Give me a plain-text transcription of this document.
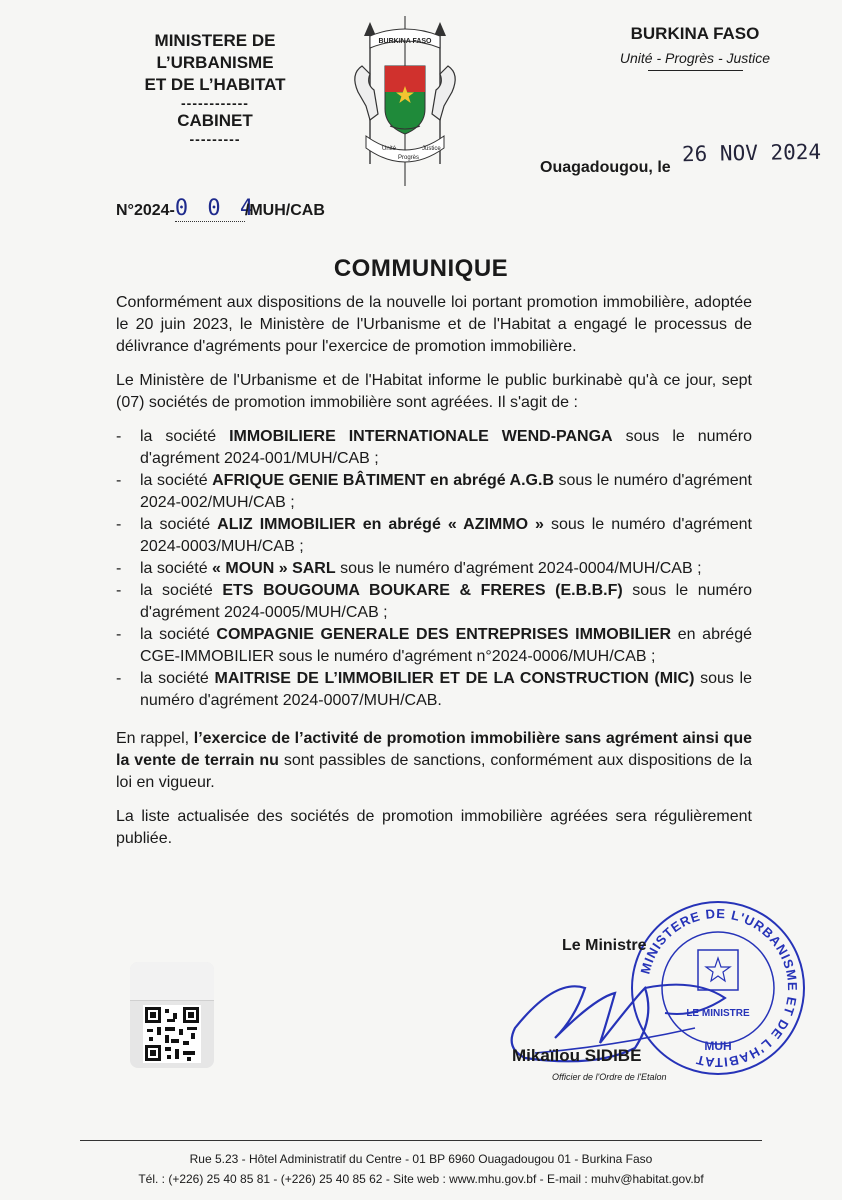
MINISTERE DE L’URBANISME
ET DE L’HABITAT
------------
CABINET
---------
BURKINA FASO
Unité
Progrès
Justice
BURKINA FASO
Unité - Progrès - Justice
26 NOV 2024
Ouagadougou, le
N°2024-0 0 4/MUH/CAB
COMMUNIQUE

Conformément aux dispositions de la nouvelle loi portant promotion immobilière, adoptée le 20 juin 2023, le Ministère de l'Urbanisme et de l'Habitat a engagé le processus de délivrance d'agréments pour l'exercice de promotion immobilière.

Le Ministère de l'Urbanisme et de l'Habitat informe le public burkinabè qu'à ce jour, sept (07) sociétés de promotion immobilière sont agréées. Il s'agit de :

- la société IMMOBILIERE INTERNATIONALE WEND-PANGA sous le numéro d'agrément 2024-001/MUH/CAB ;
- la société AFRIQUE GENIE BÂTIMENT en abrégé A.G.B sous le numéro d'agrément 2024-002/MUH/CAB ;
- la société ALIZ IMMOBILIER en abrégé « AZIMMO » sous le numéro d'agrément 2024-0003/MUH/CAB ;
- la société « MOUN » SARL sous le numéro d'agrément 2024-0004/MUH/CAB ;
- la société ETS BOUGOUMA BOUKARE & FRERES (E.B.B.F) sous le numéro d'agrément 2024-0005/MUH/CAB ;
- la société COMPAGNIE GENERALE DES ENTREPRISES IMMOBILIER en abrégé CGE-IMMOBILIER sous le numéro d'agrément n°2024-0006/MUH/CAB ;
- la société MAITRISE DE L’IMMOBILIER ET DE LA CONSTRUCTION (MIC) sous le numéro d'agrément 2024-0007/MUH/CAB.

En rappel, l’exercice de l’activité de promotion immobilière sans agrément ainsi que la vente de terrain nu sont passibles de sanctions, conformément aux dispositions de la loi en vigueur.

La liste actualisée des sociétés de promotion immobilière agréées sera régulièrement publiée.

MINISTERE DE L'URBANISME ET DE L'HABITAT
LE MINISTRE
MUH
Le Ministre
Mikaïlou SIDIBE
Officier de l'Ordre de l'Etalon
Rue 5.23 - Hôtel Administratif du Centre - 01 BP 6960 Ouagadougou 01 - Burkina Faso
Tél. : (+226) 25 40 85 81 - (+226) 25 40 85 62 - Site web : www.mhu.gov.bf - E-mail : muhv@habitat.gov.bf
